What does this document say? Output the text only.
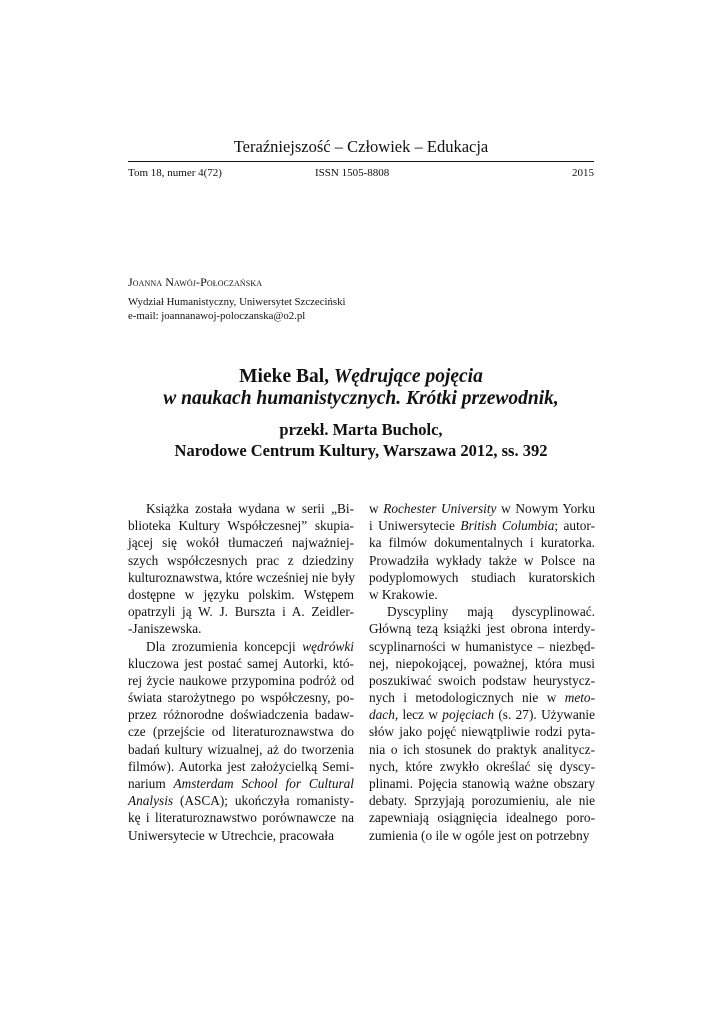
Teraźniejszość – Człowiek – Edukacja
Tom 18, numer 4(72)	ISSN 1505-8808	2015
Joanna Nawój-Połoczańska
Wydział Humanistyczny, Uniwersytet Szczeciński
e-mail: joannanawoj-poloczanska@o2.pl
Mieke Bal, Wędrujące pojęcia
w naukach humanistycznych. Krótki przewodnik,
przekł. Marta Bucholc,
Narodowe Centrum Kultury, Warszawa 2012, ss. 392
Książka została wydana w serii „Bi-
blioteka Kultury Współczesnej” skupia-
jącej się wokół tłumaczeń najważniej-
szych współczesnych prac z dziedziny
kulturoznawstwa, które wcześniej nie były
dostępne w języku polskim. Wstępem
opatrzyli ją W. J. Burszta i A. Zeidler-
-Janiszewska.
Dla zrozumienia koncepcji wędrówki
kluczowa jest postać samej Autorki, któ-
rej życie naukowe przypomina podróż od
świata starożytnego po współczesny, po-
przez różnorodne doświadczenia badaw-
cze (przejście od literaturoznawstwa do
badań kultury wizualnej, aż do tworzenia
filmów). Autorka jest założycielką Semi-
narium Amsterdam School for Cultural
Analysis (ASCA); ukończyła romanisty-
kę i literaturoznawstwo porównawcze na
Uniwersytecie w Utrechcie, pracowała
w Rochester University w Nowym Yorku
i Uniwersytecie British Columbia; autor-
ka filmów dokumentalnych i kuratorka.
Prowadziła wykłady także w Polsce na
podyplomowych studiach kuratorskich
w Krakowie.
Dyscypliny mają dyscyplinować.
Główną tezą książki jest obrona interdy-
scyplinarności w humanistyce – niezbęd-
nej, niepokojącej, poważnej, która musi
poszukiwać swoich podstaw heurystycz-
nych i metodologicznych nie w meto-
dach, lecz w pojęciach (s. 27). Używanie
słów jako pojęć niewątpliwie rodzi pyta-
nia o ich stosunek do praktyk analitycz-
nych, które zwykło określać się dyscy-
plinami. Pojęcia stanowią ważne obszary
debaty. Sprzyjają porozumieniu, ale nie
zapewniają osiągnięcia idealnego poro-
zumienia (o ile w ogóle jest on potrzebny
